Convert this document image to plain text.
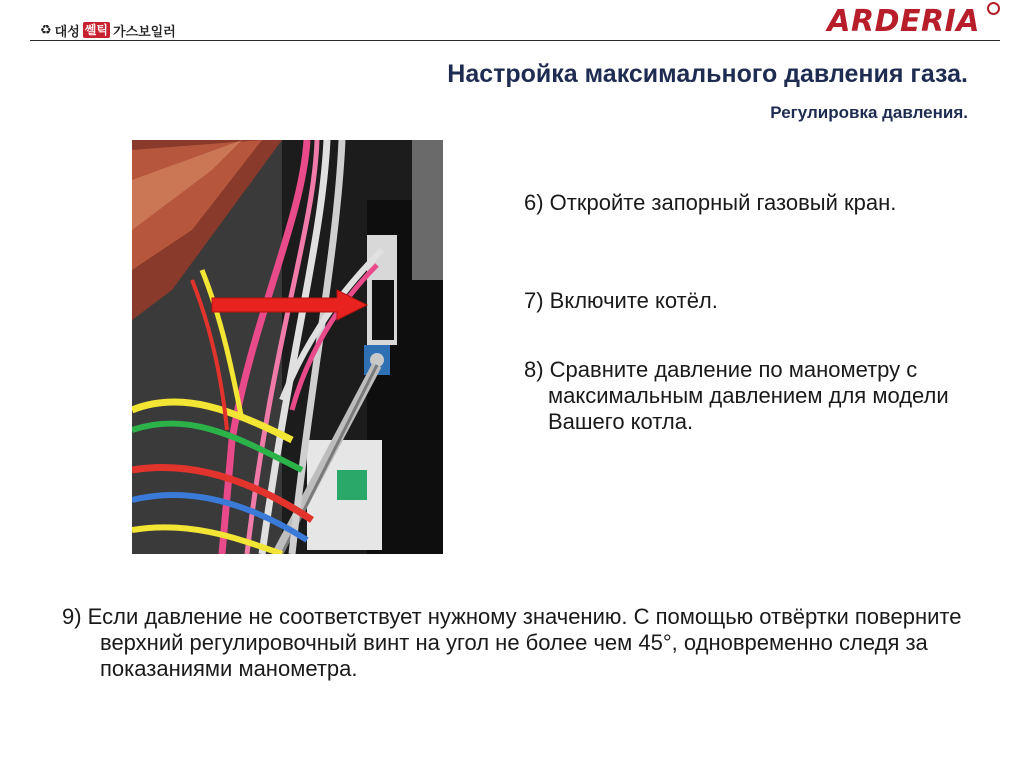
♻ 대성 쎌틱 가스보일러	ARDERIA
Настройка максимального давления газа.
Регулировка давления.

6) Откройте запорный газовый кран.

7) Включите котёл.

8) Сравните давление по манометру с максимальным давлением для модели Вашего котла.

9) Если давление не соответствует нужному значению. С помощью отвёртки поверните верхний регулировочный винт на угол не более чем 45°, одновременно следя за показаниями манометра.
